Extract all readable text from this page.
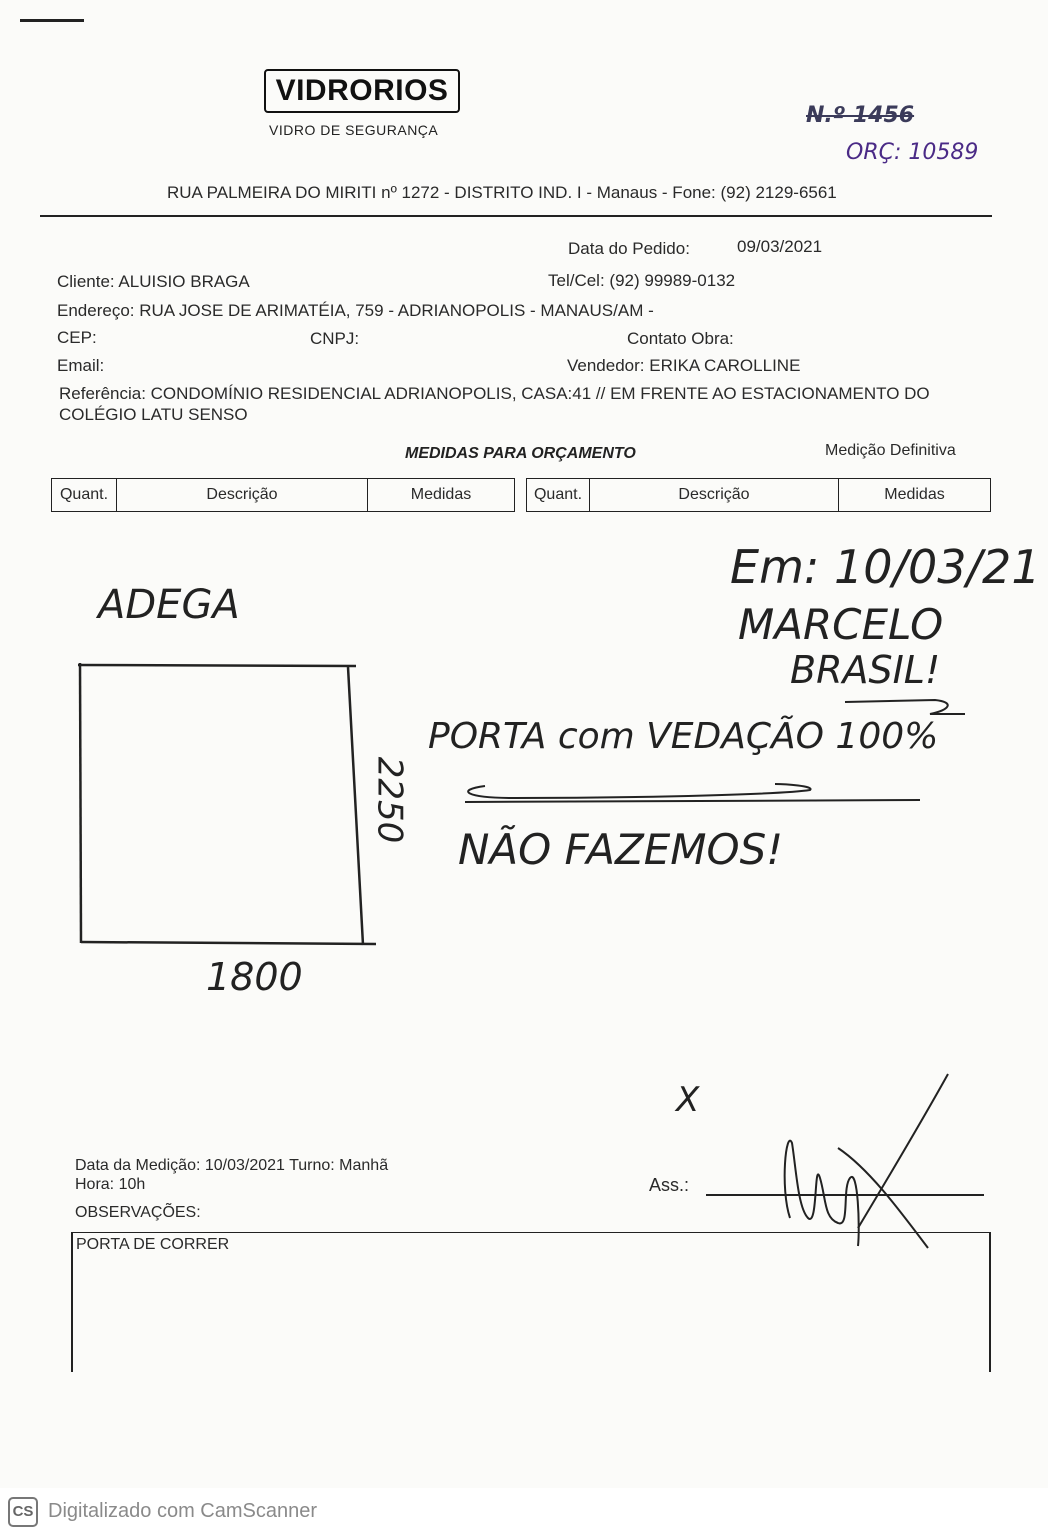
VIDRORIOS
VIDRO DE SEGURANÇA
N.º 1456
ORÇ: 10589
RUA PALMEIRA DO MIRITI nº 1272 - DISTRITO IND. I - Manaus - Fone: (92) 2129-6561
Data do Pedido:	09/03/2021
Cliente: ALUISIO BRAGA	Tel/Cel: (92) 99989-0132
Endereço: RUA JOSE DE ARIMATÉIA, 759 - ADRIANOPOLIS - MANAUS/AM -
CEP:	CNPJ:	Contato Obra:
Email:	Vendedor: ERIKA CAROLLINE
Referência: CONDOMÍNIO RESIDENCIAL ADRIANOPOLIS, CASA:41 // EM FRENTE AO ESTACIONAMENTO DO
COLÉGIO LATU SENSO
MEDIDAS PARA ORÇAMENTO	Medição Definitiva
Quant.	Descrição	Medidas	Quant.	Descrição	Medidas
ADEGA
2250
1800
Em: 10/03/21
MARCELO
BRASIL!
PORTA com VEDAÇÃO 100%
NÃO FAZEMOS!
X
Data da Medição: 10/03/2021 Turno: Manhã
Hora: 10h
OBSERVAÇÕES:
Ass.:
PORTA DE CORRER
CS Digitalizado com CamScanner
